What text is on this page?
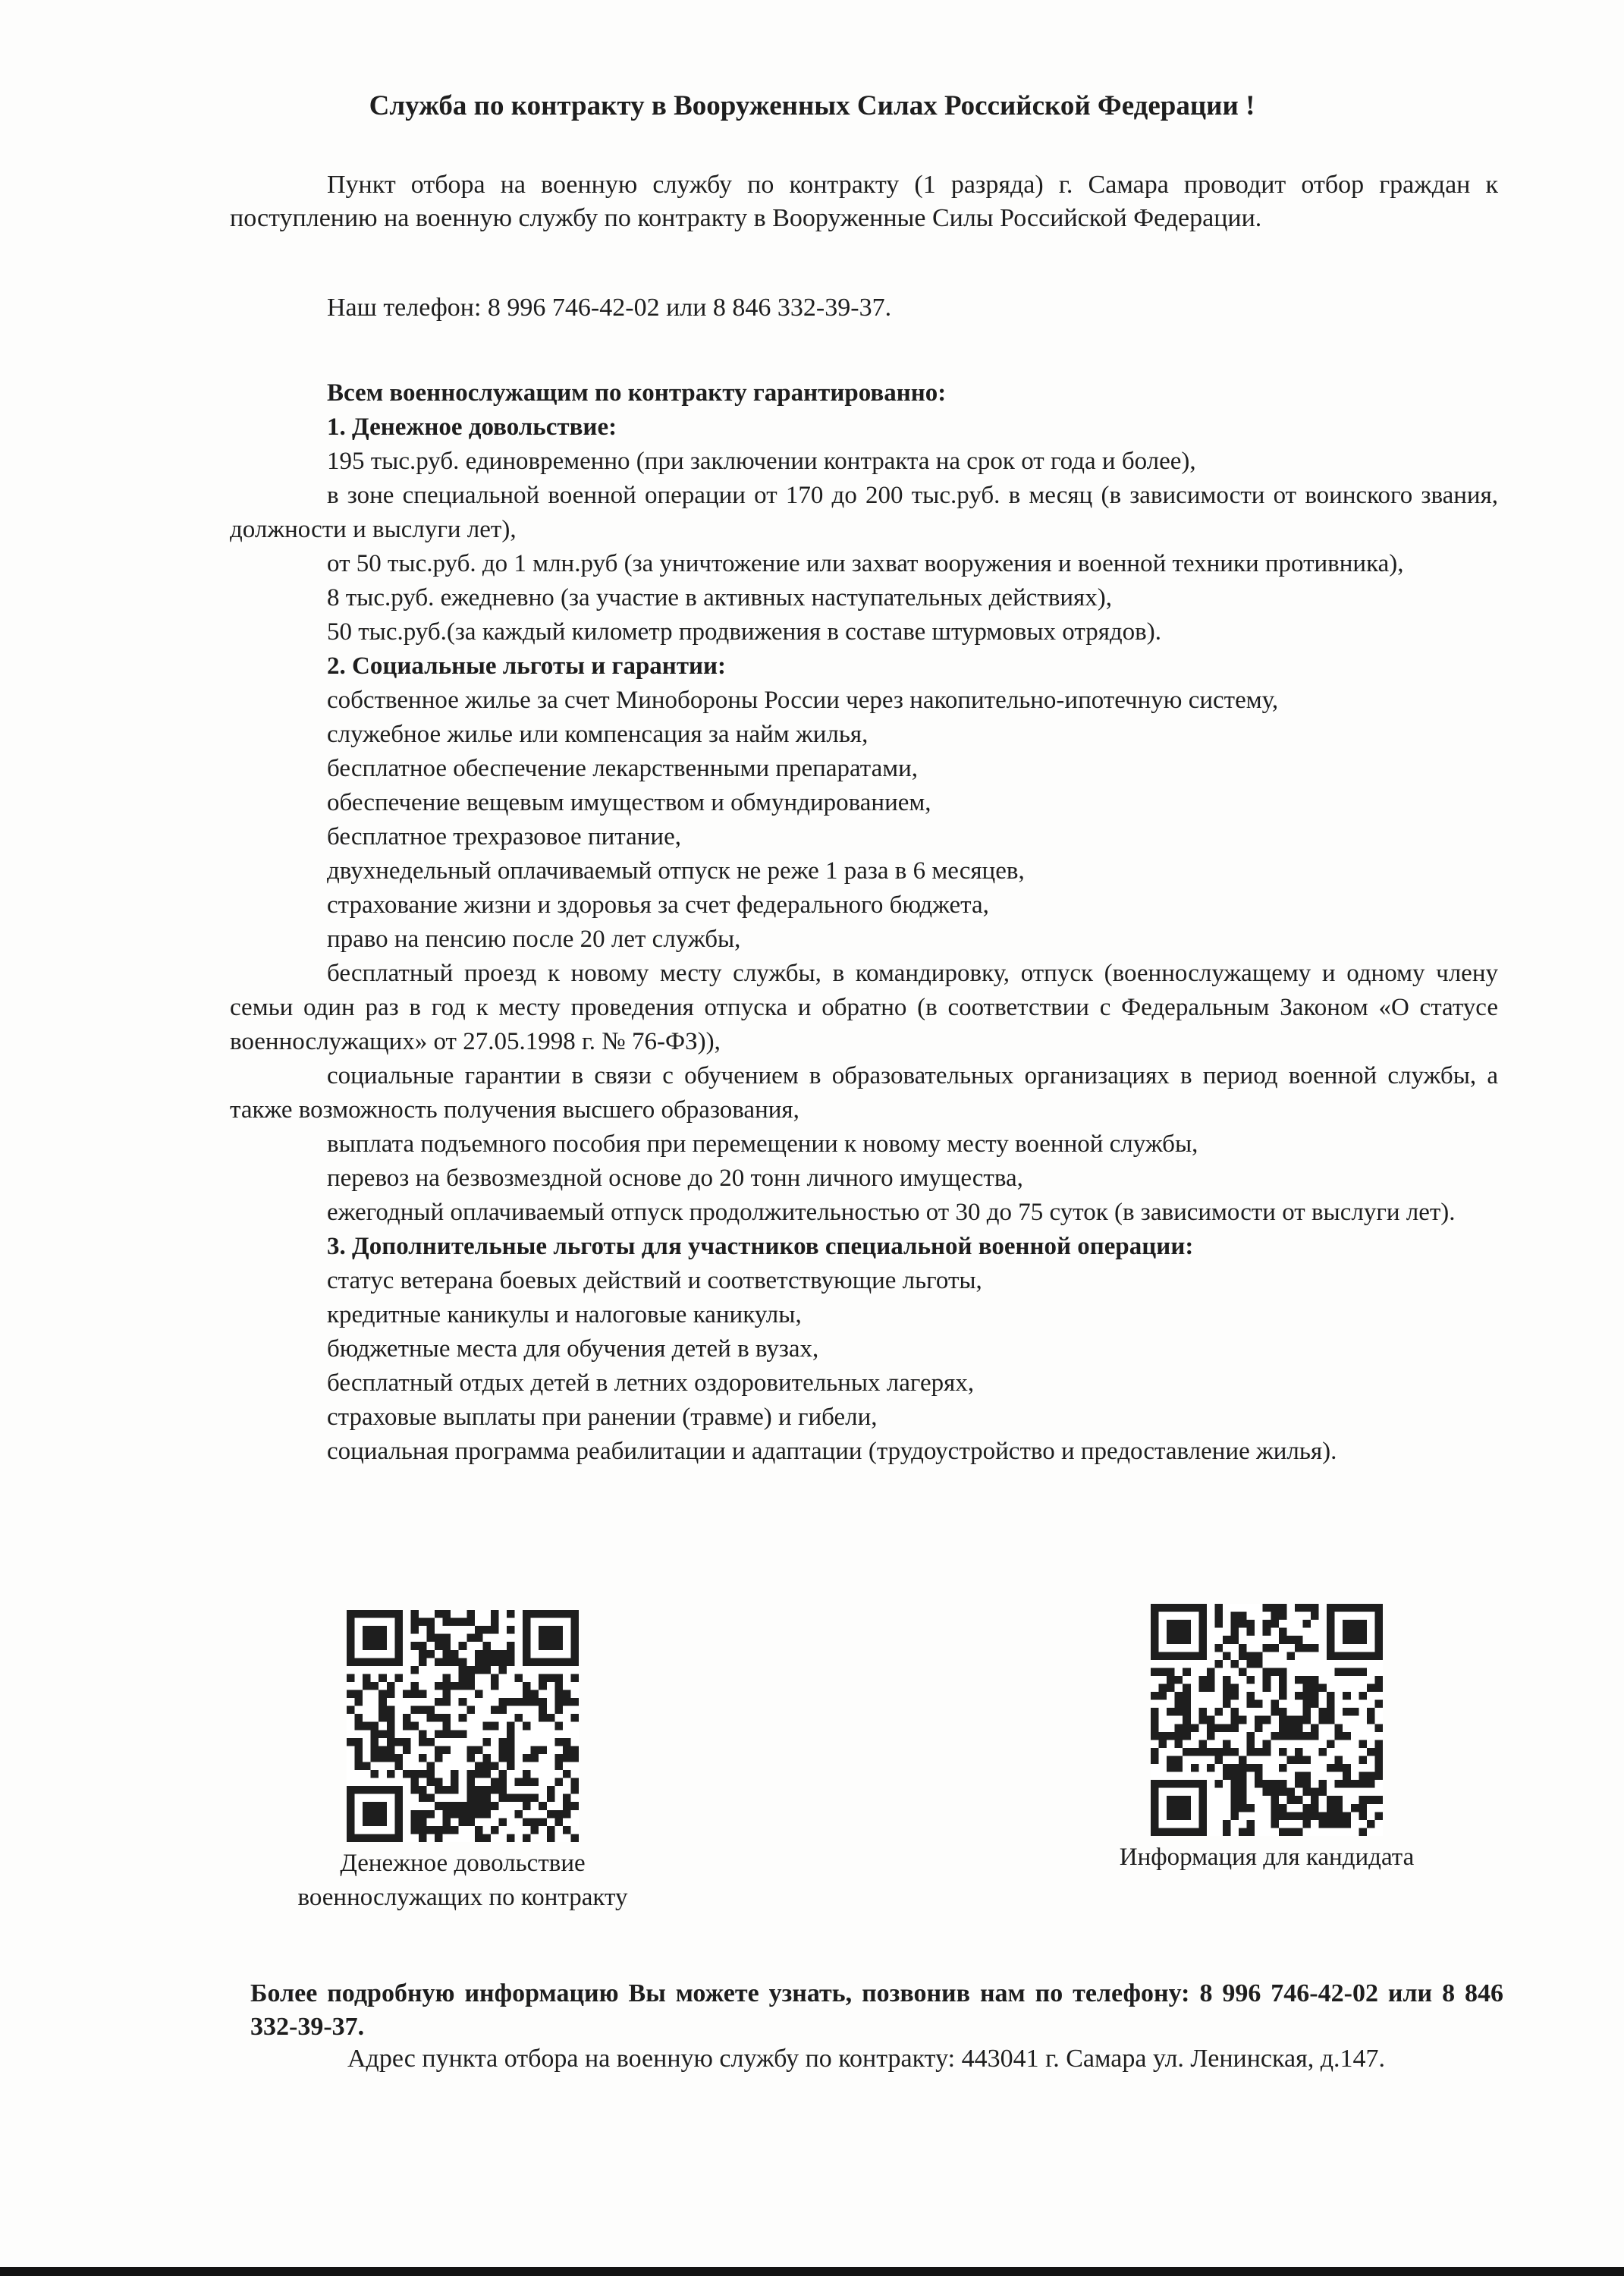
Служба по контракту в Вооруженных Силах Российской Федерации !
Пункт отбора на военную службу по контракту (1 разряда) г. Самара проводит отбор граждан к поступлению на военную службу по контракту в Вооруженные Силы Российской Федерации.
Наш телефон: 8 996 746-42-02 или 8 846 332-39-37.

Всем военнослужащим по контракту гарантированно:

1. Денежное довольствие:

195 тыс.руб. единовременно (при заключении контракта на срок от года и более),

в зоне специальной военной операции от 170 до 200 тыс.руб. в месяц (в зависимости от воинского звания, должности и выслуги лет),

от 50 тыс.руб. до 1 млн.руб (за уничтожение или захват вооружения и военной техники противника),

8 тыс.руб. ежедневно (за участие в активных наступательных действиях),

50 тыс.руб.(за каждый километр продвижения в составе штурмовых отрядов).

2. Социальные льготы и гарантии:

собственное жилье за счет Минобороны России через накопительно-ипотечную систему,

служебное жилье или компенсация за найм жилья,

бесплатное обеспечение лекарственными препаратами,

обеспечение вещевым имуществом и обмундированием,

бесплатное трехразовое питание,

двухнедельный оплачиваемый отпуск не реже 1 раза в 6 месяцев,

страхование жизни и здоровья за счет федерального бюджета,

право на пенсию после 20 лет службы,

бесплатный проезд к новому месту службы, в командировку, отпуск (военнослужащему и одному члену семьи один раз в год к месту проведения отпуска и обратно (в соответствии с Федеральным Законом «О статусе военнослужащих» от 27.05.1998 г. № 76-ФЗ)),

социальные гарантии в связи с обучением в образовательных организациях в период военной службы, а также возможность получения высшего образования,

выплата подъемного пособия при перемещении к новому месту военной службы,

перевоз на безвозмездной основе до 20 тонн личного имущества,

ежегодный оплачиваемый отпуск продолжительностью от 30 до 75 суток (в зависимости от выслуги лет).

3. Дополнительные льготы для участников специальной военной операции:

статус ветерана боевых действий и соответствующие льготы,

кредитные каникулы и налоговые каникулы,

бюджетные места для обучения детей в вузах,

бесплатный отдых детей в летних оздоровительных лагерях,

страховые выплаты при ранении (травме) и гибели,

социальная программа реабилитации и адаптации (трудоустройство и предоставление жилья).

Денежное довольствие военнослужащих по контракту
Информация для кандидата
Более подробную информацию Вы можете узнать, позвонив нам по телефону: 8 996 746-42-02 или 8 846 332-39-37.
Адрес пункта отбора на военную службу по контракту: 443041 г. Самара ул. Ленинская, д.147.
